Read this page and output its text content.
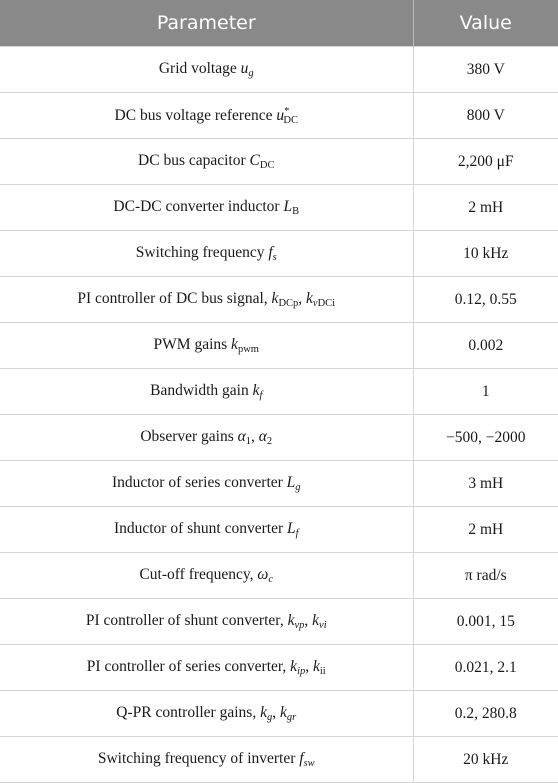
Parameter	Value
Grid voltage $u_g$	380 V
DC bus voltage reference $u^*_{DC}$	800 V
DC bus capacitor $C_{DC}$	2,200 μF
DC-DC converter inductor $L_B$	2 mH
Switching frequency $f_s$	10 kHz
PI controller of DC bus signal, $k_{DCp}$, $k_{vDCi}$	0.12, 0.55
PWM gains $k_{pwm}$	0.002
Bandwidth gain $k_f$	1
Observer gains $\alpha_1$, $\alpha_2$	−500, −2000
Inductor of series converter $L_g$	3 mH
Inductor of shunt converter $L_f$	2 mH
Cut-off frequency, $\omega_c$	π rad/s
PI controller of shunt converter, $k_{vp}$, $k_{vi}$	0.001, 15
PI controller of series converter, $k_{ip}$, $k_{ii}$	0.021, 2.1
Q-PR controller gains, $k_g$, $k_{gr}$	0.2, 280.8
Switching frequency of inverter $f_{sw}$	20 kHz
